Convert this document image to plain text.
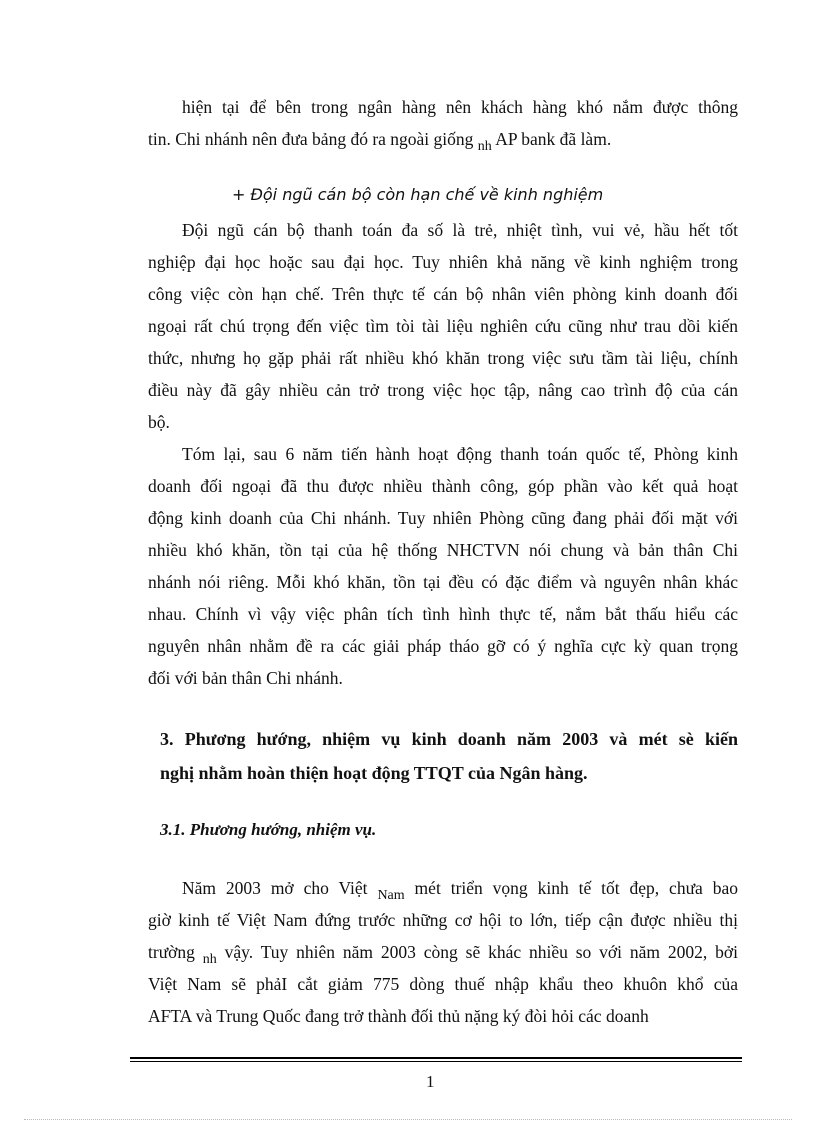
hiện tại để bên trong ngân hàng nên khách hàng khó nắm được thông
tin. Chi nhánh nên đưa bảng đó ra ngoài giống $_{nh}$ AP bank đã làm.
+ Đội ngũ cán bộ còn hạn chế về kinh nghiệm
Đội ngũ cán bộ thanh toán đa số là trẻ, nhiệt tình, vui vẻ, hầu hết tốt
nghiệp đại học hoặc sau đại học. Tuy nhiên khả năng về kinh nghiệm trong
công việc còn hạn chế. Trên thực tế cán bộ nhân viên phòng kinh doanh đối
ngoại rất chú trọng đến việc tìm tòi tài liệu nghiên cứu cũng như trau dồi kiến
thức, nhưng họ gặp phải rất nhiều khó khăn trong việc sưu tầm tài liệu, chính
điều này đã gây nhiều cản trở trong việc học tập, nâng cao trình độ của cán
bộ.
Tóm lại, sau 6 năm tiến hành hoạt động thanh toán quốc tế, Phòng kinh
doanh đối ngoại đã thu được nhiều thành công, góp phần vào kết quả hoạt
động kinh doanh của Chi nhánh. Tuy nhiên Phòng cũng đang phải đối mặt với
nhiều khó khăn, tồn tại của hệ thống NHCTVN nói chung và bản thân Chi
nhánh nói riêng. Mỗi khó khăn, tồn tại đều có đặc điểm và nguyên nhân khác
nhau. Chính vì vậy việc phân tích tình hình thực tế, nắm bắt thấu hiểu các
nguyên nhân nhằm đề ra các giải pháp tháo gỡ có ý nghĩa cực kỳ quan trọng
đối với bản thân Chi nhánh.
3. Phương hướng, nhiệm vụ kinh doanh năm 2003 và mét sè kiến
nghị nhằm hoàn thiện hoạt động TTQT của Ngân hàng.
3.1. Phương hướng, nhiệm vụ.
Năm 2003 mở cho Việt $_{Nam}$ mét triển vọng kinh tế tốt đẹp, chưa bao
giờ kinh tế Việt Nam đứng trước những cơ hội to lớn, tiếp cận được nhiều thị
trường $_{nh}$ vậy. Tuy nhiên năm 2003 còng sẽ khác nhiều so với năm 2002, bởi
Việt Nam sẽ phảI cắt giảm 775 dòng thuế nhập khẩu theo khuôn khổ của
AFTA và Trung Quốc đang trở thành đối thủ nặng ký đòi hỏi các doanh
1
